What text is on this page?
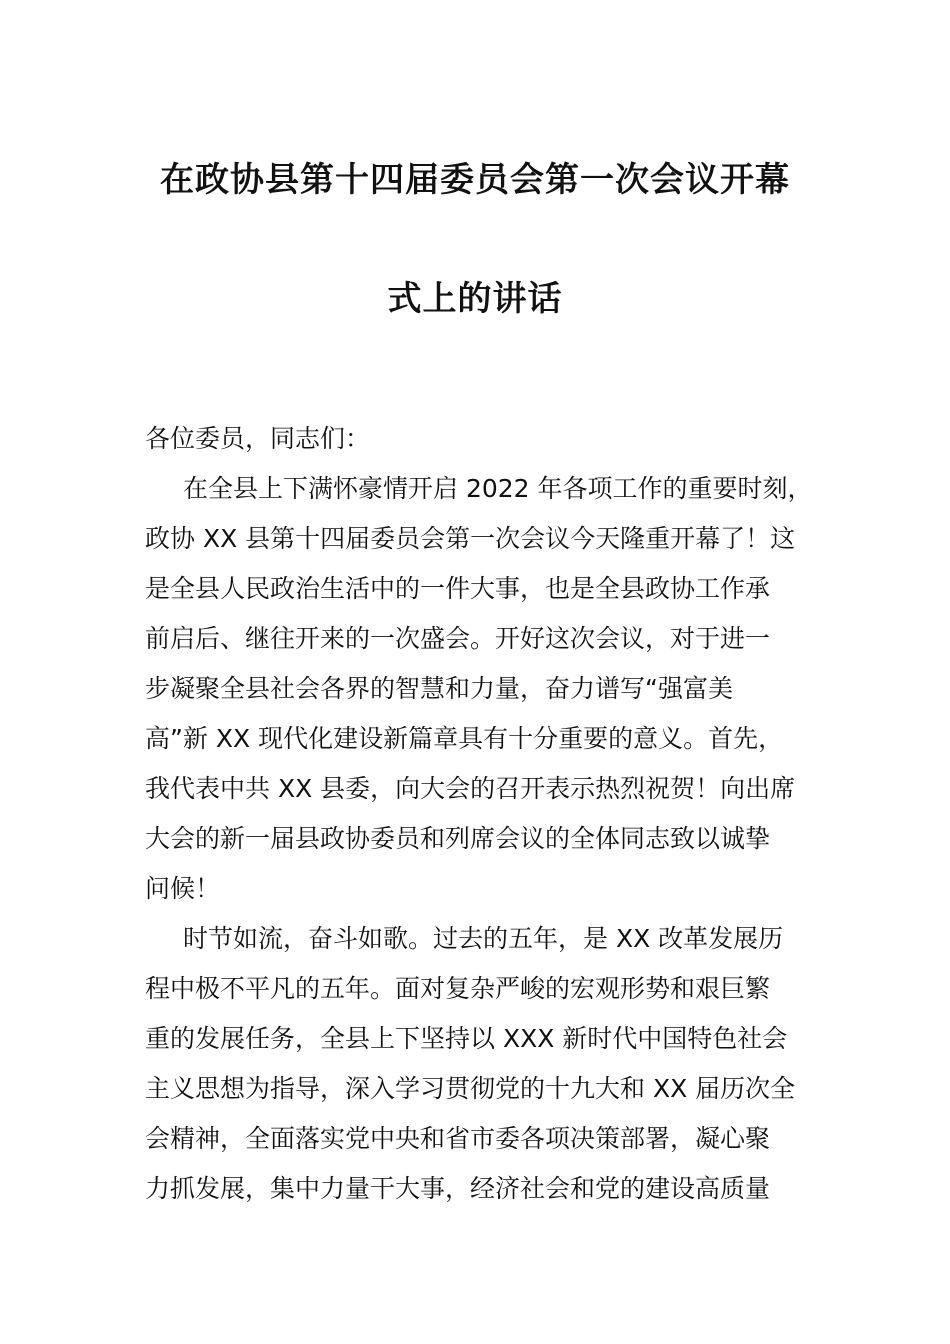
在政协县第十四届委员会第一次会议开幕
式上的讲话
各位委员，同志们：
在全县上下满怀豪情开启 2022 年各项工作的重要时刻，
政协 XX 县第十四届委员会第一次会议今天隆重开幕了！这
是全县人民政治生活中的一件大事，也是全县政协工作承
前启后、继往开来的一次盛会。开好这次会议，对于进一
步凝聚全县社会各界的智慧和力量，奋力谱写“强富美
高”新 XX 现代化建设新篇章具有十分重要的意义。首先，
我代表中共 XX 县委，向大会的召开表示热烈祝贺！向出席
大会的新一届县政协委员和列席会议的全体同志致以诚挚
问候！
时节如流，奋斗如歌。过去的五年，是 XX 改革发展历
程中极不平凡的五年。面对复杂严峻的宏观形势和艰巨繁
重的发展任务，全县上下坚持以 XXX 新时代中国特色社会
主义思想为指导，深入学习贯彻党的十九大和 XX 届历次全
会精神，全面落实党中央和省市委各项决策部署，凝心聚
力抓发展，集中力量干大事，经济社会和党的建设高质量
